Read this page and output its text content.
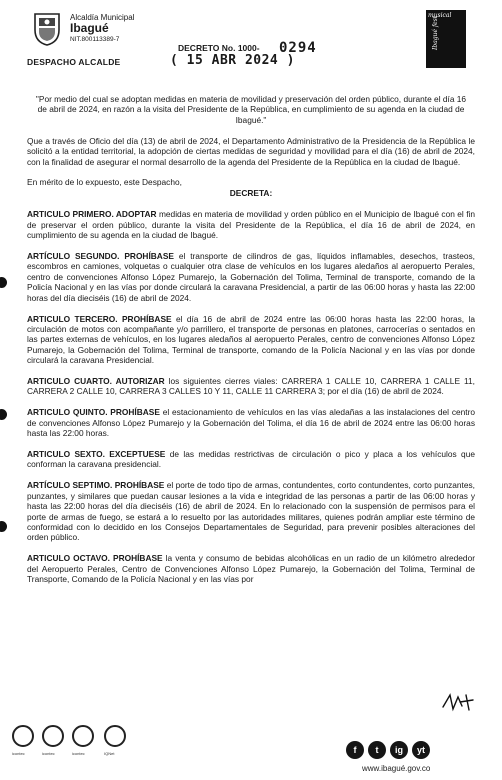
Alcaldía Municipal
Ibagué
NIT.800113389-7
DESPACHO ALCALDE
DECRETO No. 1000- 0294
( 15 ABR 2024 )
musical
Ibagué fest

"Por medio del cual se adoptan medidas en materia de movilidad y preservación del orden público, durante el día 16 de abril de 2024, en razón a la visita del Presidente de la República, en cumplimiento de su agenda en la ciudad de Ibagué."

Que a través de Oficio del día (13) de abril de 2024, el Departamento Administrativo de la Presidencia de la República le solicitó a la entidad territorial, la adopción de ciertas medidas de seguridad y movilidad para el día (16) de abril de 2024, con la finalidad de asegurar el normal desarrollo de la agenda del Presidente de la República en la ciudad de Ibagué.

En mérito de lo expuesto, este Despacho,

DECRETA:

ARTICULO PRIMERO. ADOPTAR medidas en materia de movilidad y orden público en el Municipio de Ibagué con el fin de preservar el orden público, durante la visita del Presidente de la República, el día 16 de abril de 2024, en cumplimiento de su agenda en la ciudad de Ibagué.

ARTÍCULO SEGUNDO. PROHÍBASE el transporte de cilindros de gas, líquidos inflamables, desechos, trasteos, escombros en camiones, volquetas o cualquier otra clase de vehículos en los lugares aledaños al aeropuerto Perales, centro de convenciones Alfonso López Pumarejo, la Gobernación del Tolima, Terminal de transporte, comando de la Policía Nacional y en las vías por donde circulará la caravana Presidencial, a partir de las 06:00 horas y hasta las 22:00 horas del día dieciséis (16) de abril de 2024.

ARTICULO TERCERO. PROHÍBASE el día 16 de abril de 2024 entre las 06:00 horas hasta las 22:00 horas, la circulación de motos con acompañante y/o parrillero, el transporte de personas en platones, carrocerías o sentados en las partes externas de vehículos, en los lugares aledaños al aeropuerto Perales, centro de convenciones Alfonso López Pumarejo, la Gobernación del Tolima, Terminal de transporte, comando de la Policía Nacional y en las vías por donde circulará la caravana Presidencial.

ARTICULO CUARTO. AUTORIZAR los siguientes cierres viales: CARRERA 1 CALLE 10, CARRERA 1 CALLE 11, CARRERA 2 CALLE 10, CARRERA 3 CALLES 10 Y 11, CALLE 11 CARRERA 3; por el día (16) de abril de 2024.

ARTICULO QUINTO. PROHÍBASE el estacionamiento de vehículos en las vías aledañas a las instalaciones del centro de convenciones Alfonso López Pumarejo y la Gobernación del Tolima, el día 16 de abril de 2024 entre las 06:00 horas hasta las 22:00 horas.

ARTICULO SEXTO. EXCEPTUESE de las medidas restrictivas de circulación o pico y placa a los vehículos que conforman la caravana presidencial.

ARTÍCULO SEPTIMO. PROHÍBASE el porte de todo tipo de armas, contundentes, corto contundentes, corto punzantes, punzantes, y similares que puedan causar lesiones a la vida e integridad de las personas a partir de las 06:00 horas y hasta las 22:00 horas del día dieciséis (16) de abril de 2024. En lo relacionado con la suspensión de permisos para el porte de armas de fuego, se estará a lo resuelto por las autoridades militares, quienes podrán ampliar este término de conformidad con lo decidido en los Consejos Departamentales de Seguridad, para prevenir posibles alteraciones del orden público.

ARTICULO OCTAVO. PROHÍBASE la venta y consumo de bebidas alcohólicas en un radio de un kilómetro alrededor del Aeropuerto Perales, Centro de Convenciones Alfonso López Pumarejo, la Gobernación del Tolima, Terminal de Transporte, Comando de la Policía Nacional y en las vías por

icontec	icontec	icontec	IQNet	f	t	ig	yt
www.ibagué.gov.co
